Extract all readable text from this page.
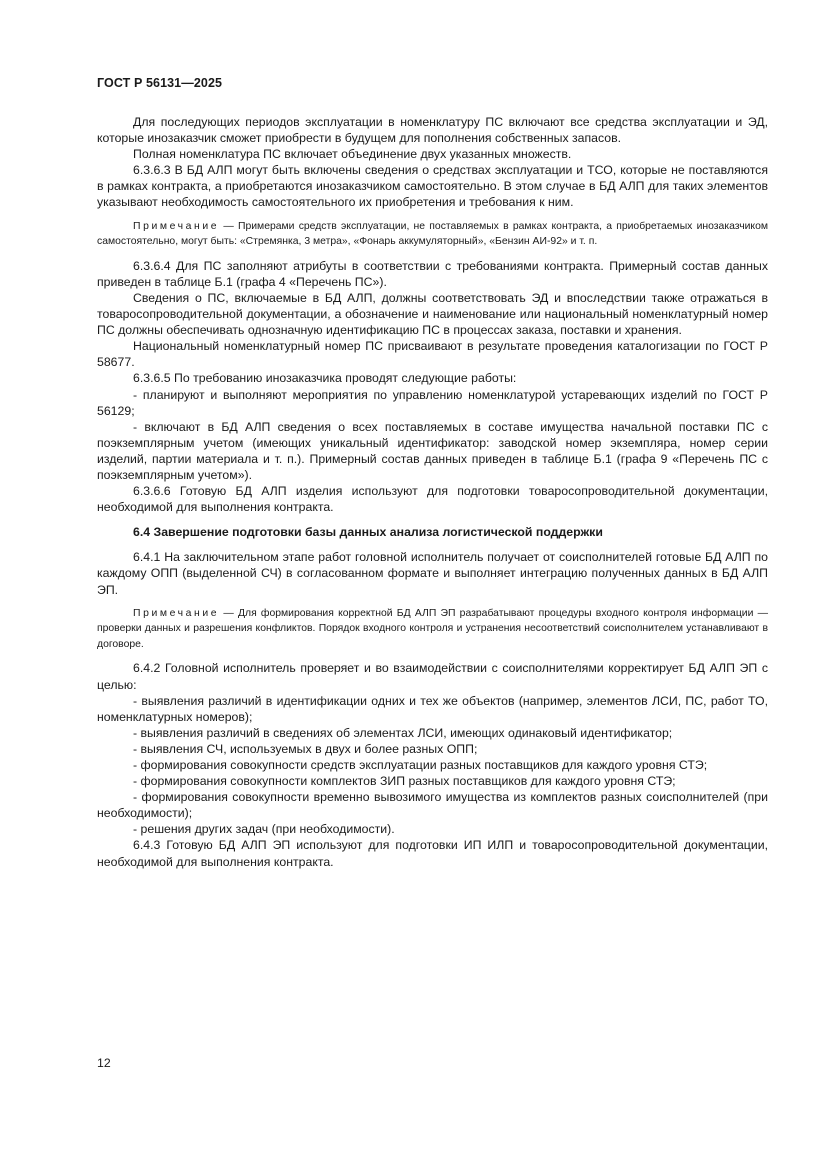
ГОСТ Р 56131—2025

Для последующих периодов эксплуатации в номенклатуру ПС включают все средства эксплуатации и ЭД, которые инозаказчик сможет приобрести в будущем для пополнения собственных запасов.

Полная номенклатура ПС включает объединение двух указанных множеств.

6.3.6.3 В БД АЛП могут быть включены сведения о средствах эксплуатации и ТСО, которые не поставляются в рамках контракта, а приобретаются инозаказчиком самостоятельно. В этом случае в БД АЛП для таких элементов указывают необходимость самостоятельного их приобретения и требования к ним.

Примечание — Примерами средств эксплуатации, не поставляемых в рамках контракта, а приобретаемых инозаказчиком самостоятельно, могут быть: «Стремянка, 3 метра», «Фонарь аккумуляторный», «Бензин АИ-92» и т. п.

6.3.6.4 Для ПС заполняют атрибуты в соответствии с требованиями контракта. Примерный состав данных приведен в таблице Б.1 (графа 4 «Перечень ПС»).

Сведения о ПС, включаемые в БД АЛП, должны соответствовать ЭД и впоследствии также отражаться в товаросопроводительной документации, а обозначение и наименование или национальный номенклатурный номер ПС должны обеспечивать однозначную идентификацию ПС в процессах заказа, поставки и хранения.

Национальный номенклатурный номер ПС присваивают в результате проведения каталогизации по ГОСТ Р 58677.

6.3.6.5 По требованию инозаказчика проводят следующие работы:

- планируют и выполняют мероприятия по управлению номенклатурой устаревающих изделий по ГОСТ Р 56129;

- включают в БД АЛП сведения о всех поставляемых в составе имущества начальной поставки ПС с поэкземплярным учетом (имеющих уникальный идентификатор: заводской номер экземпляра, номер серии изделий, партии материала и т. п.). Примерный состав данных приведен в таблице Б.1 (графа 9 «Перечень ПС с поэкземплярным учетом»).

6.3.6.6 Готовую БД АЛП изделия используют для подготовки товаросопроводительной документации, необходимой для выполнения контракта.

6.4 Завершение подготовки базы данных анализа логистической поддержки

6.4.1 На заключительном этапе работ головной исполнитель получает от соисполнителей готовые БД АЛП по каждому ОПП (выделенной СЧ) в согласованном формате и выполняет интеграцию полученных данных в БД АЛП ЭП.

Примечание — Для формирования корректной БД АЛП ЭП разрабатывают процедуры входного контроля информации — проверки данных и разрешения конфликтов. Порядок входного контроля и устранения несоответствий соисполнителем устанавливают в договоре.

6.4.2 Головной исполнитель проверяет и во взаимодействии с соисполнителями корректирует БД АЛП ЭП с целью:

- выявления различий в идентификации одних и тех же объектов (например, элементов ЛСИ, ПС, работ ТО, номенклатурных номеров);

- выявления различий в сведениях об элементах ЛСИ, имеющих одинаковый идентификатор;

- выявления СЧ, используемых в двух и более разных ОПП;

- формирования совокупности средств эксплуатации разных поставщиков для каждого уровня СТЭ;

- формирования совокупности комплектов ЗИП разных поставщиков для каждого уровня СТЭ;

- формирования совокупности временно вывозимого имущества из комплектов разных соисполнителей (при необходимости);

- решения других задач (при необходимости).

6.4.3 Готовую БД АЛП ЭП используют для подготовки ИП ИЛП и товаросопроводительной документации, необходимой для выполнения контракта.

12
